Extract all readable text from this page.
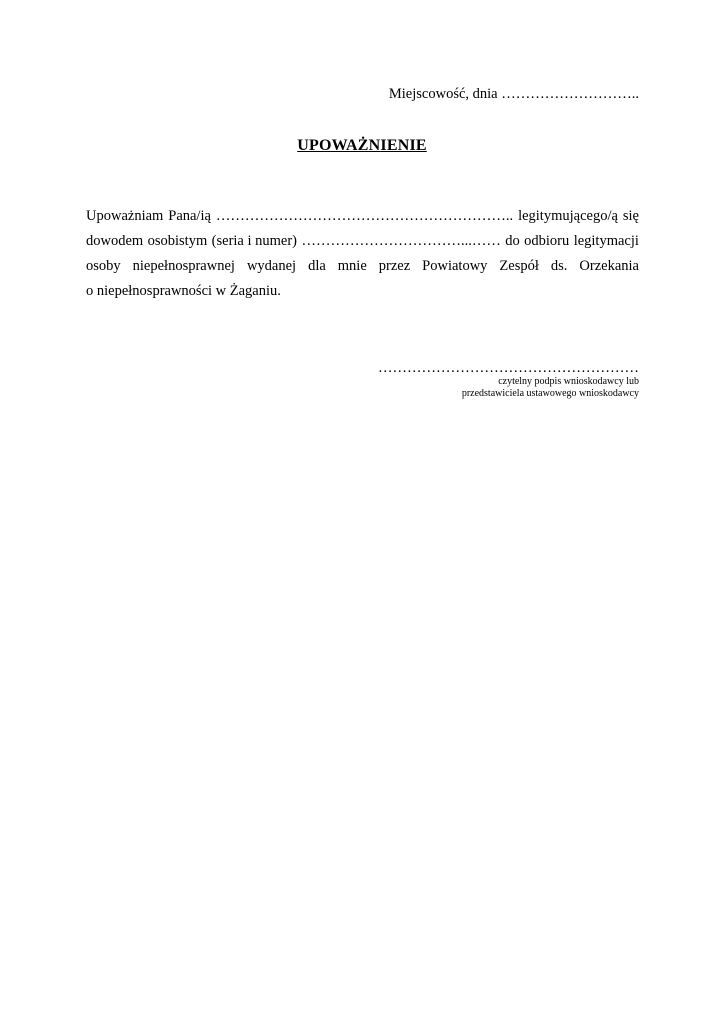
Miejscowość, dnia ………………………..
UPOWAŻNIENIE
Upoważniam Pana/ią …………………………………………………….. legitymującego/ą się
dowodem osobistym (seria i numer) ……………………………...…… do odbioru legitymacji
osoby niepełnosprawnej wydanej dla mnie przez Powiatowy Zespół ds. Orzekania
o niepełnosprawności w Żaganiu.
………………………………………………
czytelny podpis wnioskodawcy lub
przedstawiciela ustawowego wnioskodawcy
